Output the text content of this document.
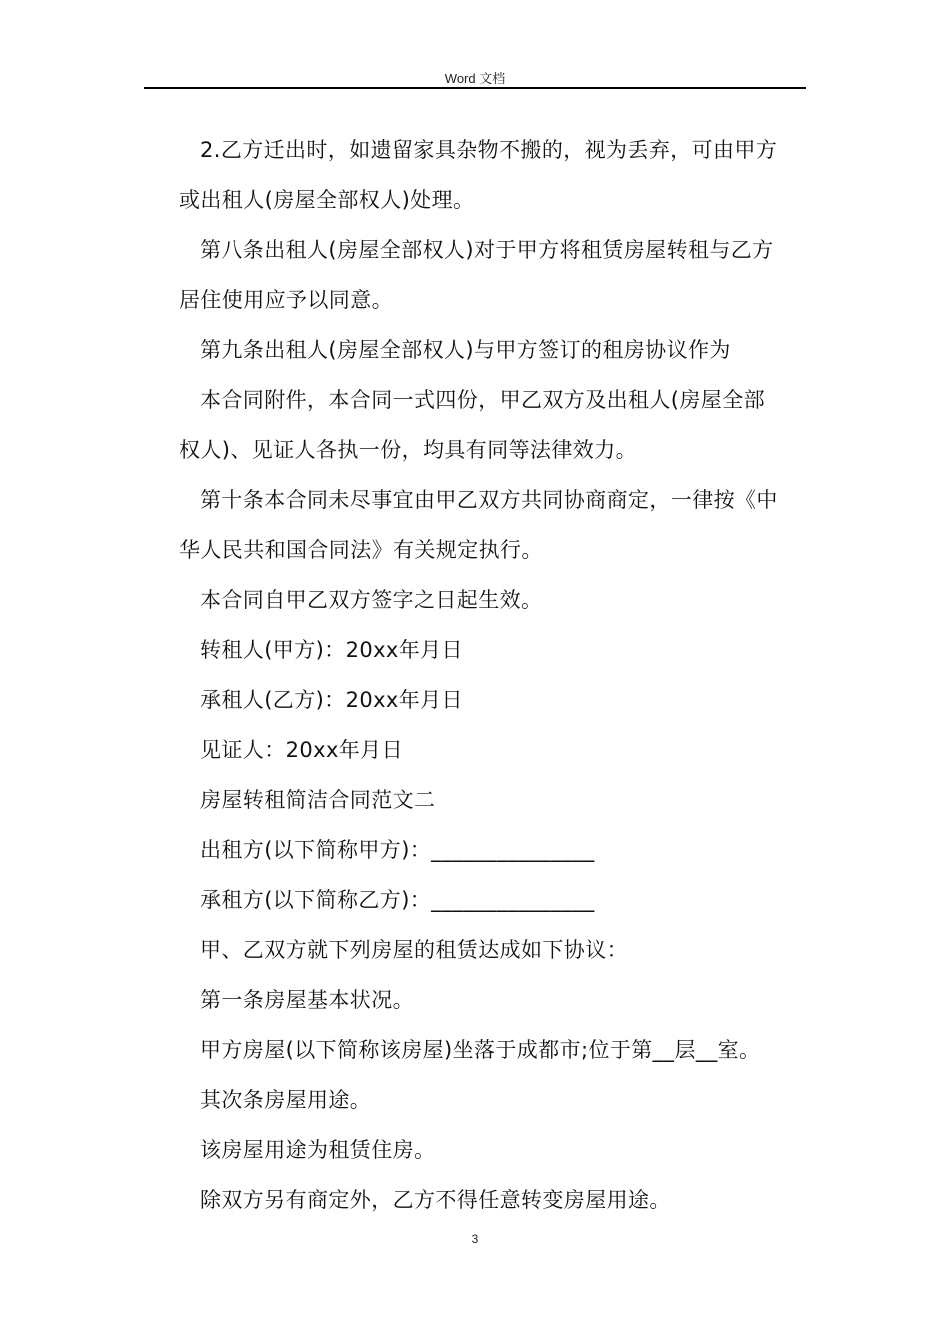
Word 文档
2.乙方迁出时，如遗留家具杂物不搬的，视为丢弃，可由甲方
或出租人(房屋全部权人)处理。
第八条出租人(房屋全部权人)对于甲方将租赁房屋转租与乙方
居住使用应予以同意。
第九条出租人(房屋全部权人)与甲方签订的租房协议作为
本合同附件，本合同一式四份，甲乙双方及出租人(房屋全部
权人)、见证人各执一份，均具有同等法律效力。
第十条本合同未尽事宜由甲乙双方共同协商商定，一律按《中
华人民共和国合同法》有关规定执行。
本合同自甲乙双方签字之日起生效。
转租人(甲方)：20xx年月日
承租人(乙方)：20xx年月日
见证人：20xx年月日
房屋转租简洁合同范文二
出租方(以下简称甲方)：_______________
承租方(以下简称乙方)：_______________
甲、乙双方就下列房屋的租赁达成如下协议：
第一条房屋基本状况。
甲方房屋(以下简称该房屋)坐落于成都市;位于第__层__室。
其次条房屋用途。
该房屋用途为租赁住房。
除双方另有商定外，乙方不得任意转变房屋用途。
3
